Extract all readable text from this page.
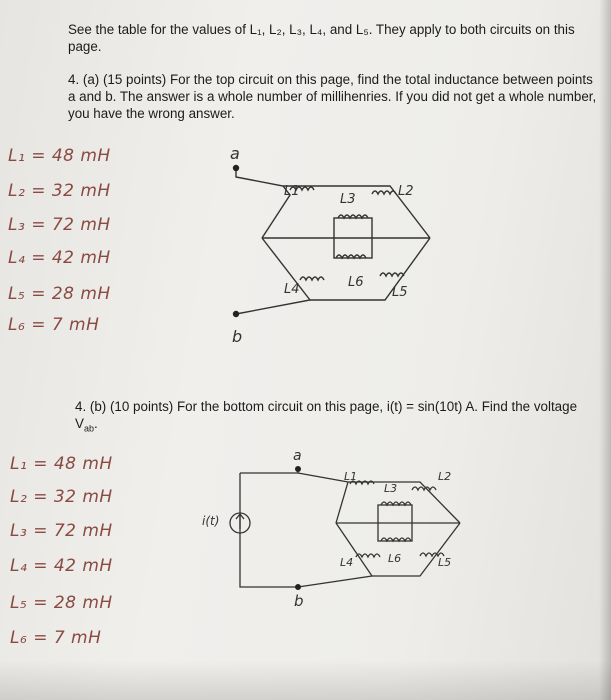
See the table for the values of L₁, L₂, L₃, L₄, and L₅. They apply to both circuits on this page.

4. (a) (15 points) For the top circuit on this page, find the total inductance between points a and b. The answer is a whole number of millihenries. If you did not get a whole number, you have the wrong answer.

4. (b) (10 points) For the bottom circuit on this page, i(t) = sin(10t) A. Find the voltage $V_{ab}$.

L₁ = 48 mH
L₂ = 32 mH
L₃ = 72 mH
L₄ = 42 mH
L₅ = 28 mH
L₆ = 7 mH
L₁ = 48 mH
L₂ = 32 mH
L₃ = 72 mH
L₄ = 42 mH
L₅ = 28 mH
L₆ = 7 mH
a
b
L1
L3
L2
L4	L6
L5
a
b
i(t)
L1
L3
L2
L4	L6	L5
